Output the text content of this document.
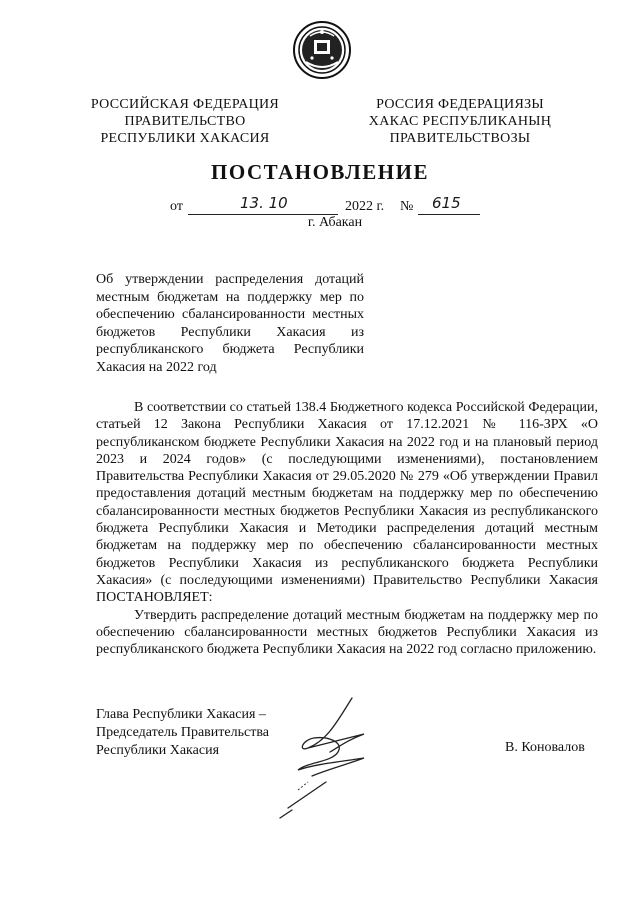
РОССИЙСКАЯ ФЕДЕРАЦИЯ
ПРАВИТЕЛЬСТВО
РЕСПУБЛИКИ ХАКАСИЯ
РОССИЯ ФЕДЕРАЦИЯЗЫ
ХАКАС РЕСПУБЛИКАНЫҢ
ПРАВИТЕЛЬСТВОЗЫ
ПОСТАНОВЛЕНИЕ
от	13. 10	2022 г. № 615
г. Абакан
Об утверждении распределения дотаций местным бюджетам на поддержку мер по обеспечению сбалансированности местных бюджетов Республики Хакасия из республиканского бюджета Республики Хакасия на 2022 год

В соответствии со статьей 138.4 Бюджетного кодекса Российской Федерации, статьей 12 Закона Республики Хакасия от 17.12.2021 № 116-ЗРХ «О республиканском бюджете Республики Хакасия на 2022 год и на плановый период 2023 и 2024 годов» (с последующими изменениями), постановлением Правительства Республики Хакасия от 29.05.2020 № 279 «Об утверждении Правил предоставления дотаций местным бюджетам на поддержку мер по обеспечению сбалансированности местных бюджетов Республики Хакасия из республиканского бюджета Республики Хакасия и Методики распределения дотаций местным бюджетам на поддержку мер по обеспечению сбалансированности местных бюджетов Республики Хакасия из республиканского бюджета Республики Хакасия» (с последующими изменениями) Правительство Республики Хакасия ПОСТАНОВЛЯЕТ:

Утвердить распределение дотаций местным бюджетам на поддержку мер по обеспечению сбалансированности местных бюджетов Республики Хакасия из республиканского бюджета Республики Хакасия на 2022 год согласно приложению.

Глава Республики Хакасия –
Председатель Правительства
Республики Хакасия	В. Коновалов
